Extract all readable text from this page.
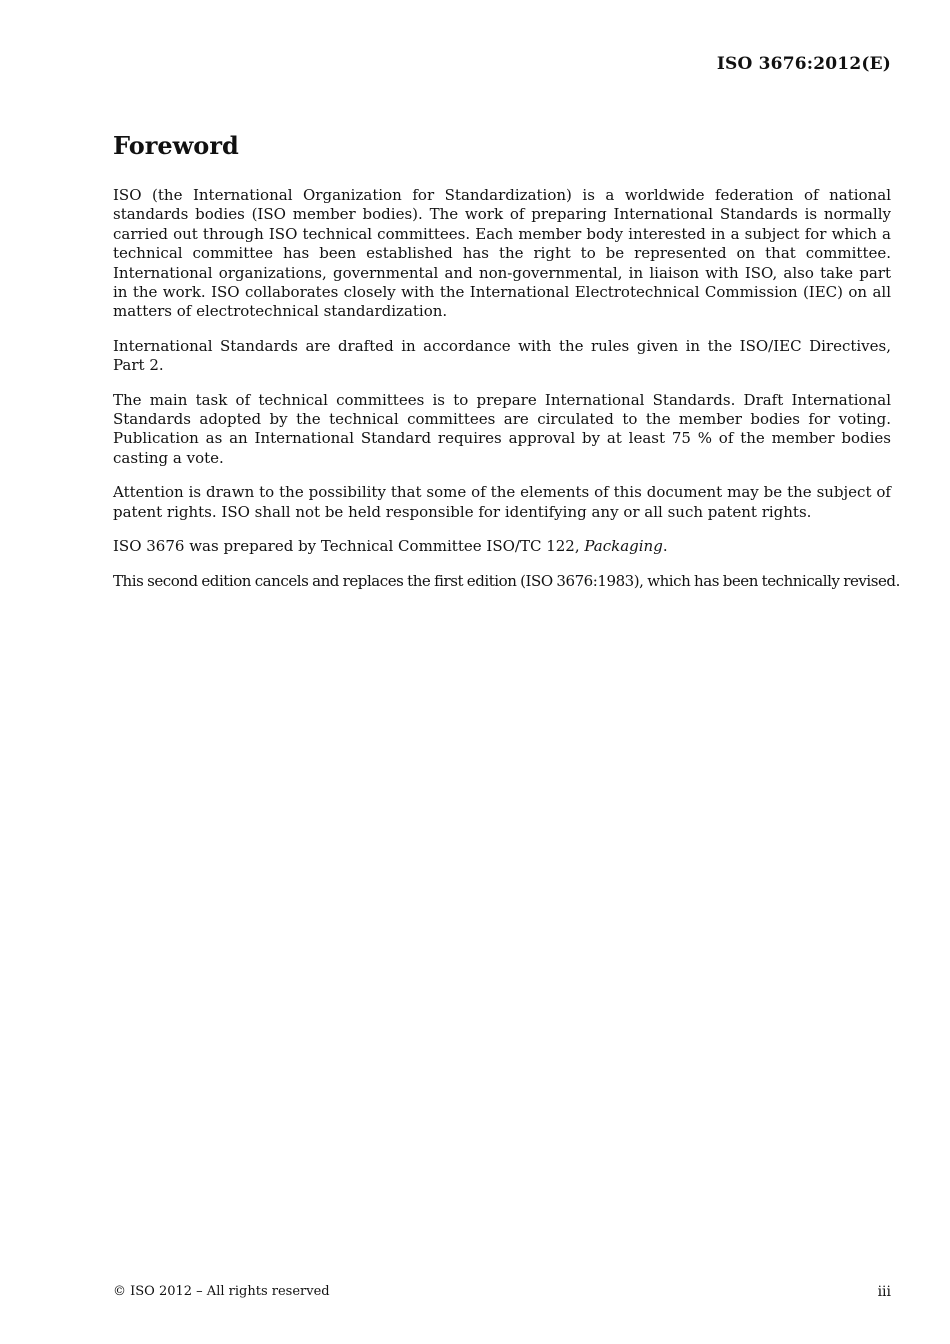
ISO 3676:2012(E)
Foreword

ISO (the International Organization for Standardization) is a worldwide federation of national standards bodies (ISO member bodies). The work of preparing International Standards is normally carried out through ISO technical committees. Each member body interested in a subject for which a technical committee has been established has the right to be represented on that committee. International organizations, governmental and non-governmental, in liaison with ISO, also take part in the work. ISO collaborates closely with the International Electrotechnical Commission (IEC) on all matters of electrotechnical standardization.

International Standards are drafted in accordance with the rules given in the ISO/IEC Directives, Part 2.

The main task of technical committees is to prepare International Standards. Draft International Standards adopted by the technical committees are circulated to the member bodies for voting. Publication as an International Standard requires approval by at least 75 % of the member bodies casting a vote.

Attention is drawn to the possibility that some of the elements of this document may be the subject of patent rights. ISO shall not be held responsible for identifying any or all such patent rights.

ISO 3676 was prepared by Technical Committee ISO/TC 122, Packaging.

This second edition cancels and replaces the first edition (ISO 3676:1983), which has been technically revised.

© ISO 2012 – All rights reserved	iii
